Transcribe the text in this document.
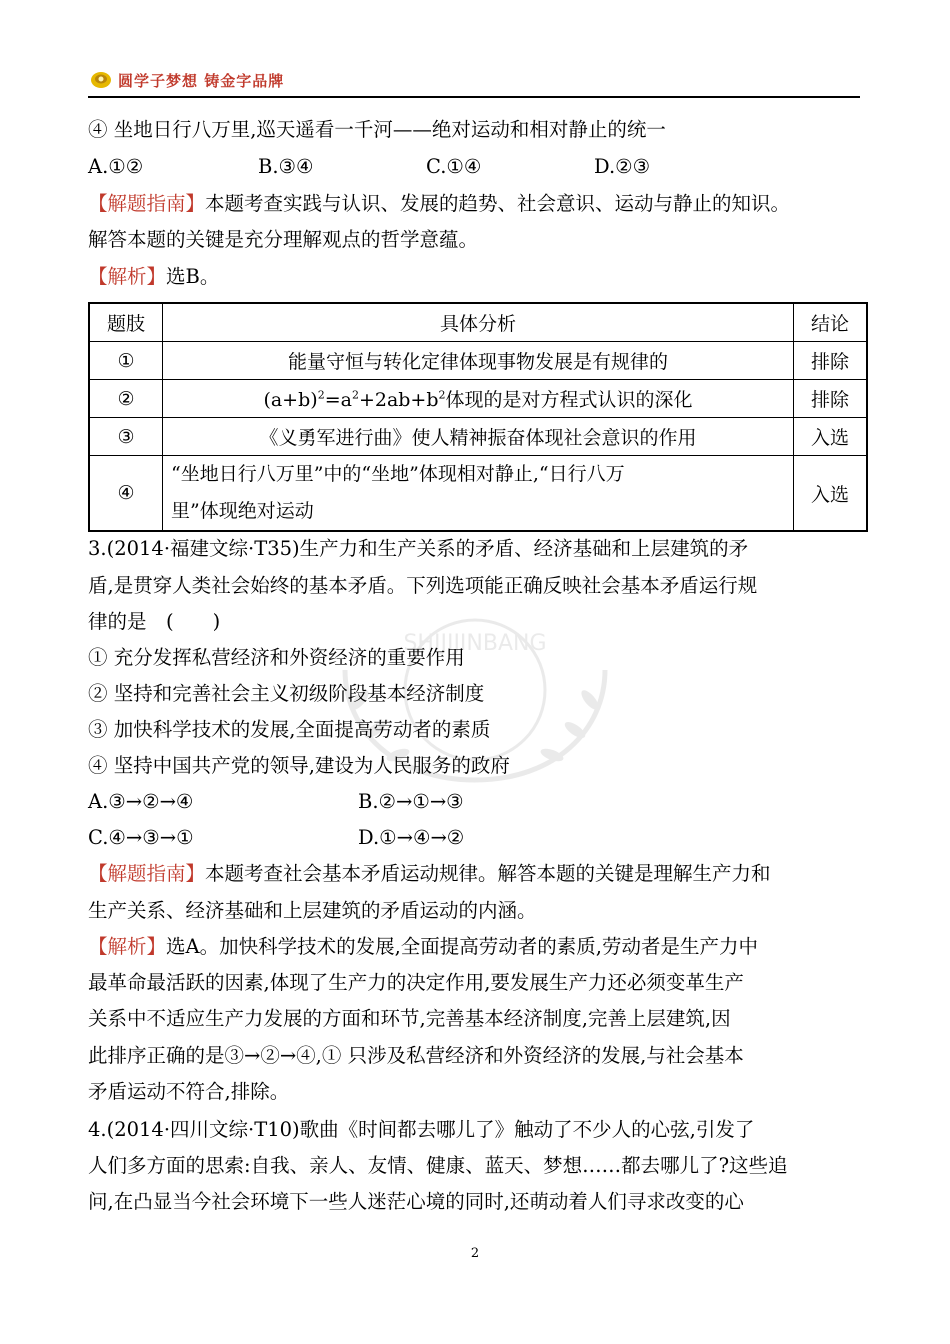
圆学子梦想 铸金字品牌
SHIJIJINBANG
④ 坐地日行八万里,巡天遥看一千河——绝对运动和相对静止的统一
A.①②	B.③④	C.①④	D.②③
【解题指南】本题考查实践与认识、发展的趋势、社会意识、运动与静止的知识。
解答本题的关键是充分理解观点的哲学意蕴。
【解析】选B。
题肢	具体分析	结论
①	能量守恒与转化定律体现事物发展是有规律的	排除
②	$(a+b)^2=a^2+2ab+b^2$体现的是对方程式认识的深化	排除
③	《义勇军进行曲》使人精神振奋体现社会意识的作用	入选
④	“坐地日行八万里”中的“坐地”体现相对静止,“日行八万
里”体现绝对运动	入选
3.(2014·福建文综·T35)生产力和生产关系的矛盾、经济基础和上层建筑的矛
盾,是贯穿人类社会始终的基本矛盾。下列选项能正确反映社会基本矛盾运行规
律的是　(　　)
① 充分发挥私营经济和外资经济的重要作用
② 坚持和完善社会主义初级阶段基本经济制度
③ 加快科学技术的发展,全面提高劳动者的素质
④ 坚持中国共产党的领导,建设为人民服务的政府
A.③→②→④	B.②→①→③
C.④→③→①	D.①→④→②
【解题指南】本题考查社会基本矛盾运动规律。解答本题的关键是理解生产力和
生产关系、经济基础和上层建筑的矛盾运动的内涵。
【解析】选A。加快科学技术的发展,全面提高劳动者的素质,劳动者是生产力中
最革命最活跃的因素,体现了生产力的决定作用,要发展生产力还必须变革生产
关系中不适应生产力发展的方面和环节,完善基本经济制度,完善上层建筑,因
此排序正确的是③→②→④,① 只涉及私营经济和外资经济的发展,与社会基本
矛盾运动不符合,排除。
4.(2014·四川文综·T10)歌曲《时间都去哪儿了》触动了不少人的心弦,引发了
人们多方面的思索:自我、亲人、友情、健康、蓝天、梦想……都去哪儿了?这些追
问,在凸显当今社会环境下一些人迷茫心境的同时,还萌动着人们寻求改变的心
2
